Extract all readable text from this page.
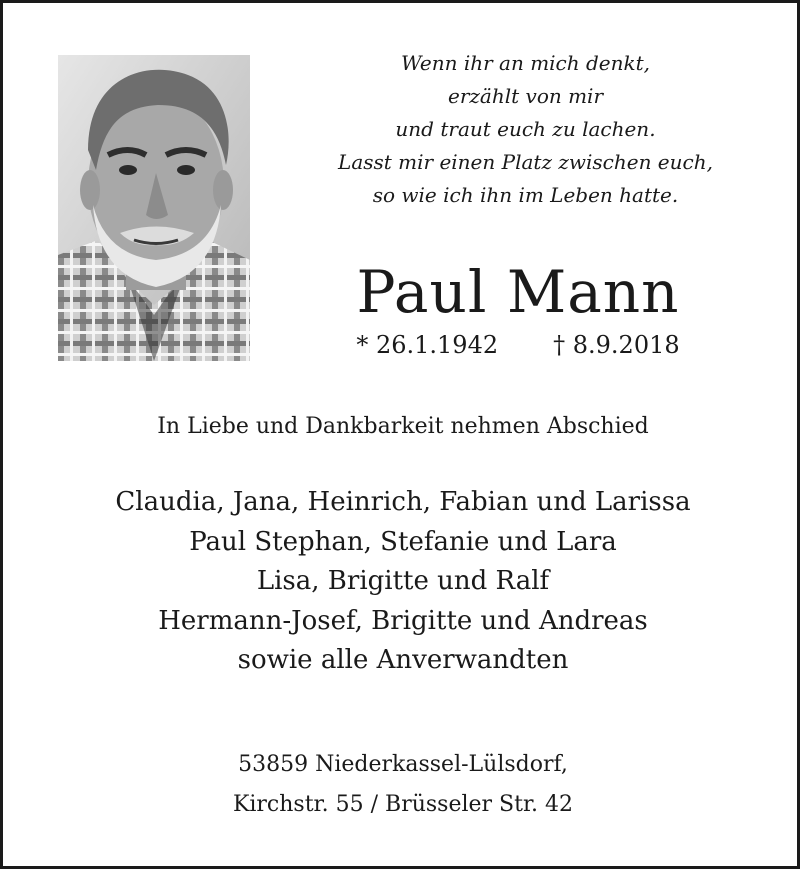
Wenn ihr an mich denkt,
erzählt von mir
und traut euch zu lachen.
Lasst mir einen Platz zwischen euch,
so wie ich ihn im Leben hatte.
Paul Mann
* 26.1.1942 † 8.9.2018
In Liebe und Dankbarkeit nehmen Abschied
Claudia, Jana, Heinrich, Fabian und Larissa
Paul Stephan, Stefanie und Lara
Lisa, Brigitte und Ralf
Hermann-Josef, Brigitte und Andreas
sowie alle Anverwandten
53859 Niederkassel-Lülsdorf,
Kirchstr. 55 / Brüsseler Str. 42
